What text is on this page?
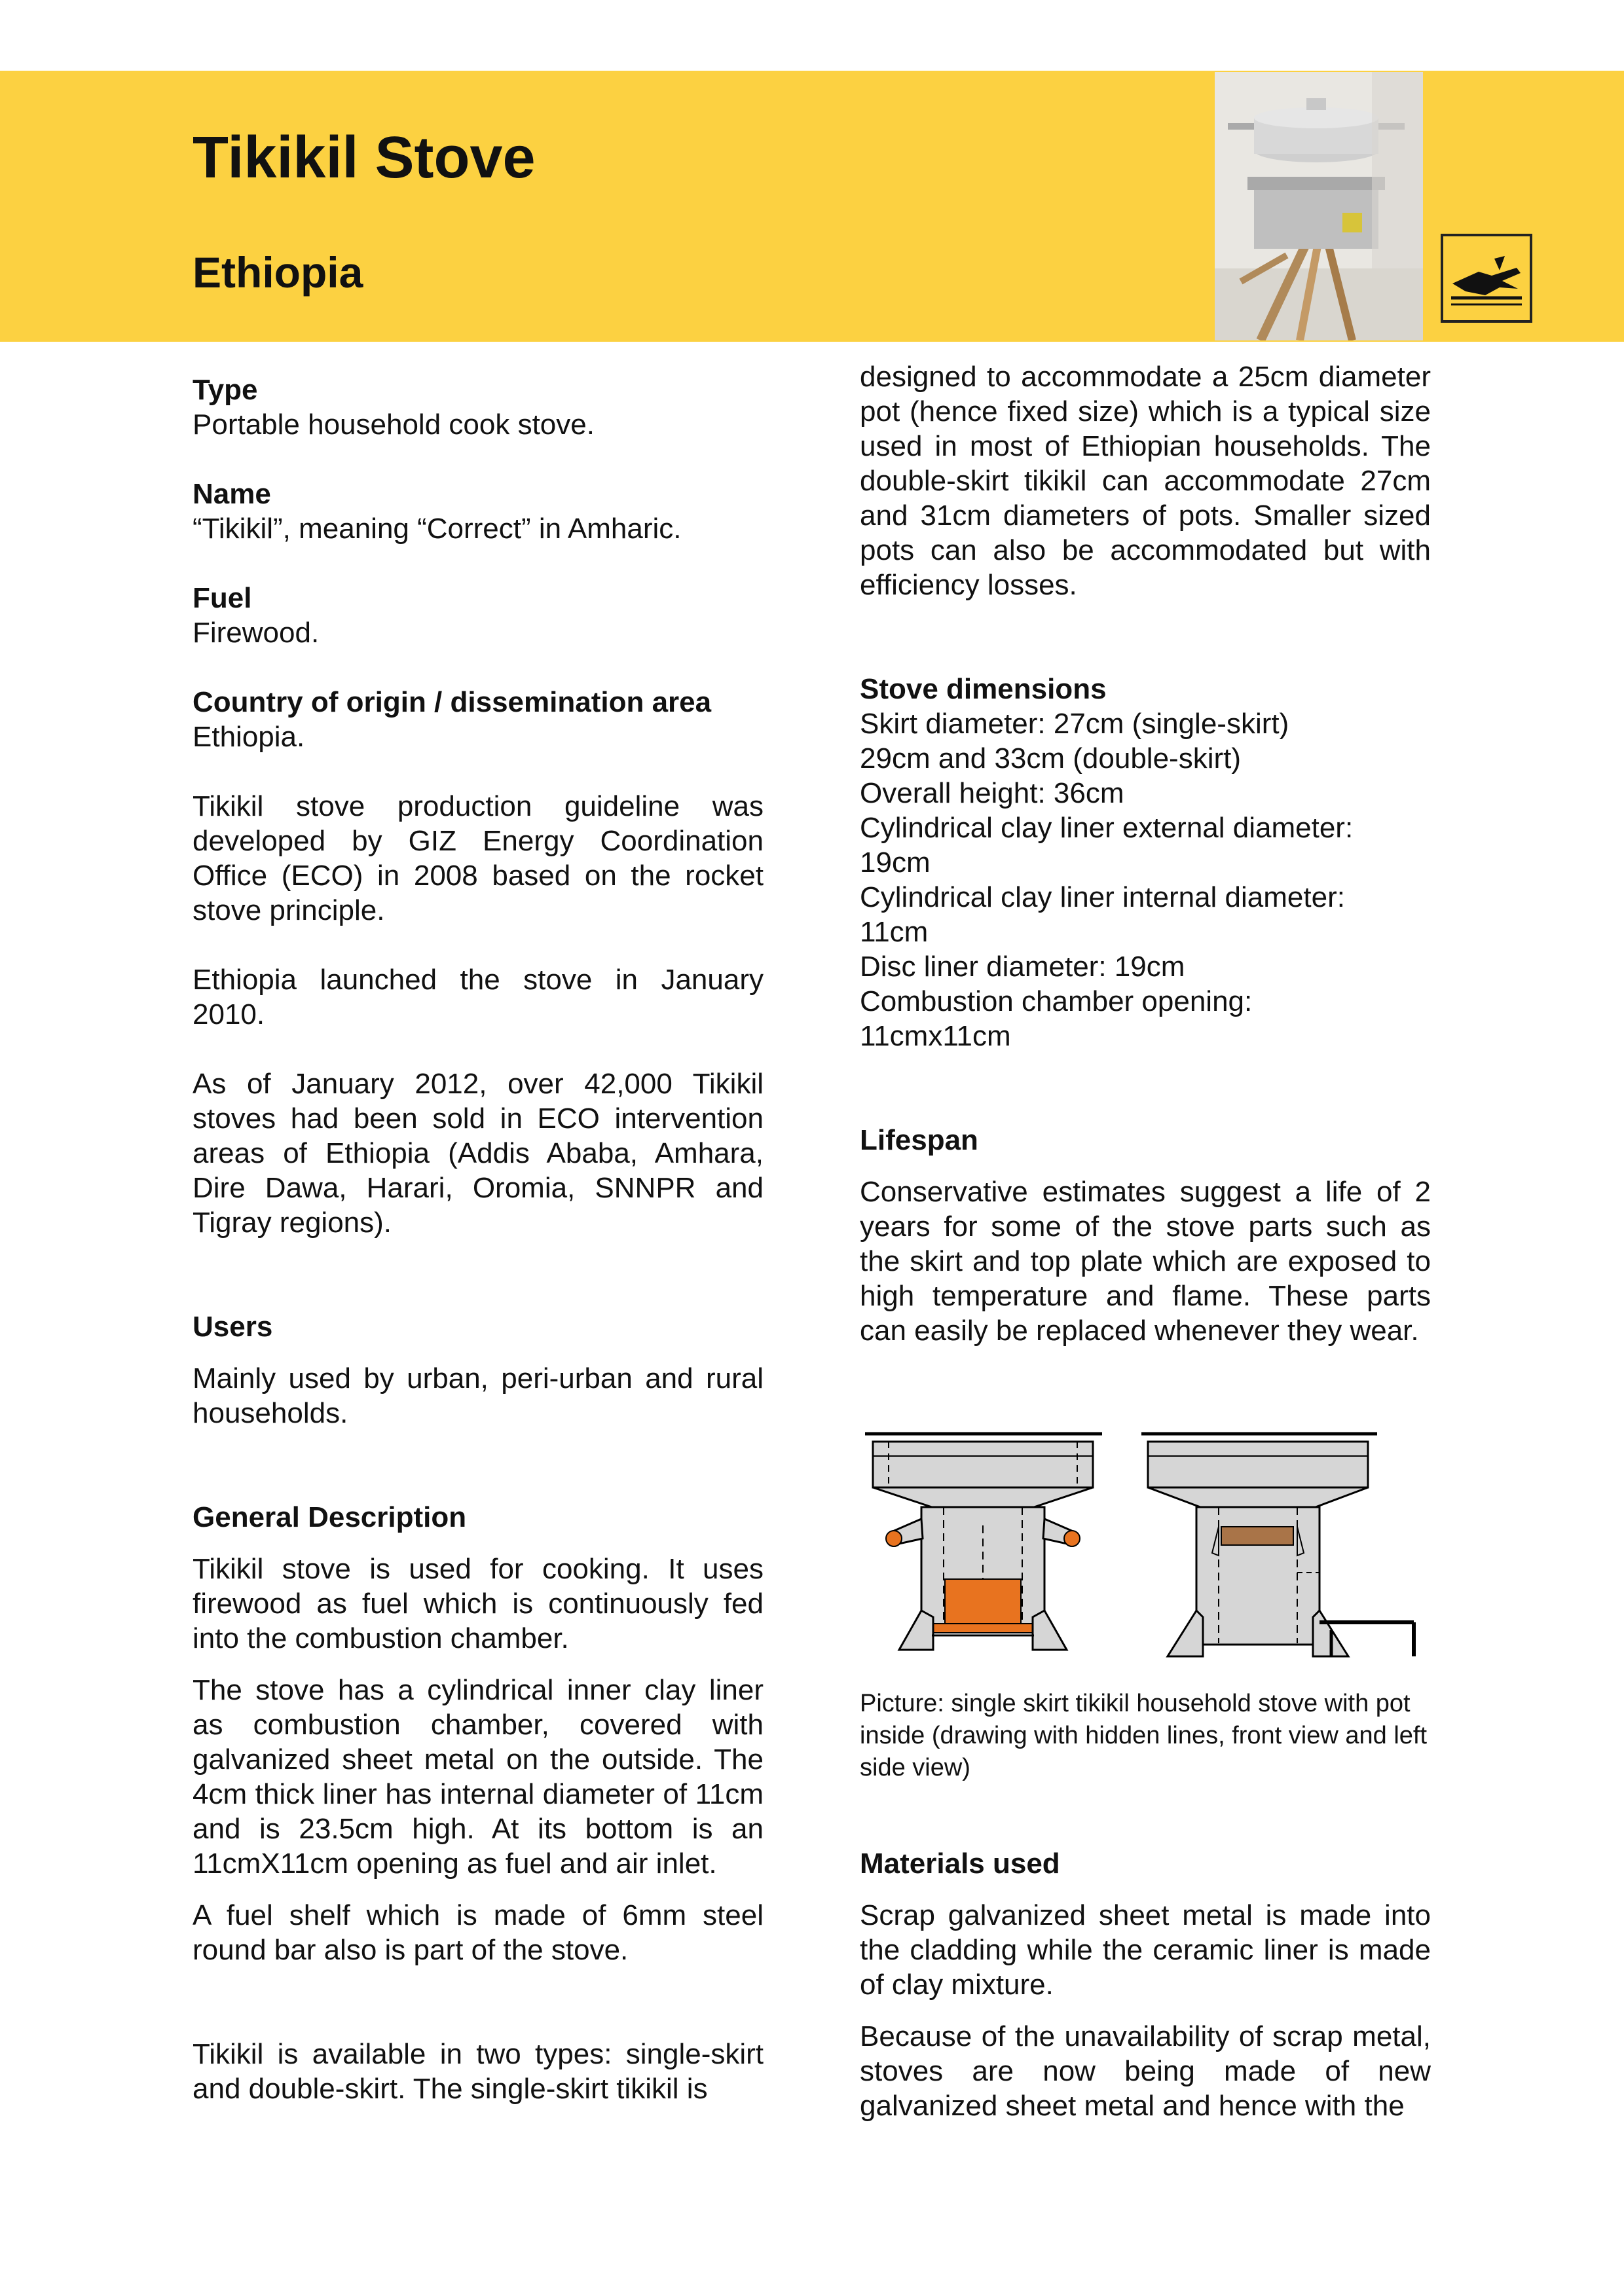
Tikikil Stove
Ethiopia
Type

Portable household cook stove.

Name

“Tikikil”, meaning “Correct” in Amharic.

Fuel

Firewood.

Country of origin / dissemination area

Ethiopia.

Tikikil stove production guideline was developed by GIZ Energy Coordination Office (ECO) in 2008 based on the rocket stove principle.

Ethiopia launched the stove in January 2010.

As of January 2012, over 42,000 Tikikil stoves had been sold in ECO intervention areas of Ethiopia (Addis Ababa, Amhara, Dire Dawa, Harari, Oromia, SNNPR and Tigray regions).

Users

Mainly used by urban, peri-urban and rural households.

General Description

Tikikil stove is used for cooking. It uses firewood as fuel which is continuously fed into the combustion chamber.

The stove has a cylindrical inner clay liner as combustion chamber, covered with galvanized sheet metal on the outside. The 4cm thick liner has internal diameter of 11cm and is 23.5cm high. At its bottom is an 11cmX11cm opening as fuel and air inlet.

A fuel shelf which is made of 6mm steel round bar also is part of the stove.

Tikikil is available in two types: single-skirt and double-skirt. The single-skirt tikikil is

designed to accommodate a 25cm diameter pot (hence fixed size) which is a typical size used in most of Ethiopian households. The double-skirt tikikil can accommodate 27cm and 31cm diameters of pots. Smaller sized pots can also be accommodated but with efficiency losses.

Stove dimensions

Skirt diameter: 27cm (single-skirt)

29cm and 33cm (double-skirt)

Overall height: 36cm

Cylindrical clay liner external diameter:

19cm

Cylindrical clay liner internal diameter:

11cm

Disc liner diameter: 19cm

Combustion chamber opening:

11cmx11cm

Lifespan

Conservative estimates suggest a life of 2 years for some of the stove parts such as the skirt and top plate which are exposed to high temperature and flame. These parts can easily be replaced whenever they wear.

Picture: single skirt tikikil household stove with pot inside (drawing with hidden lines, front view and left side view)

Materials used

Scrap galvanized sheet metal is made into the cladding while the ceramic liner is made of clay mixture.

Because of the unavailability of scrap metal, stoves are now being made of new galvanized sheet metal and hence with the
